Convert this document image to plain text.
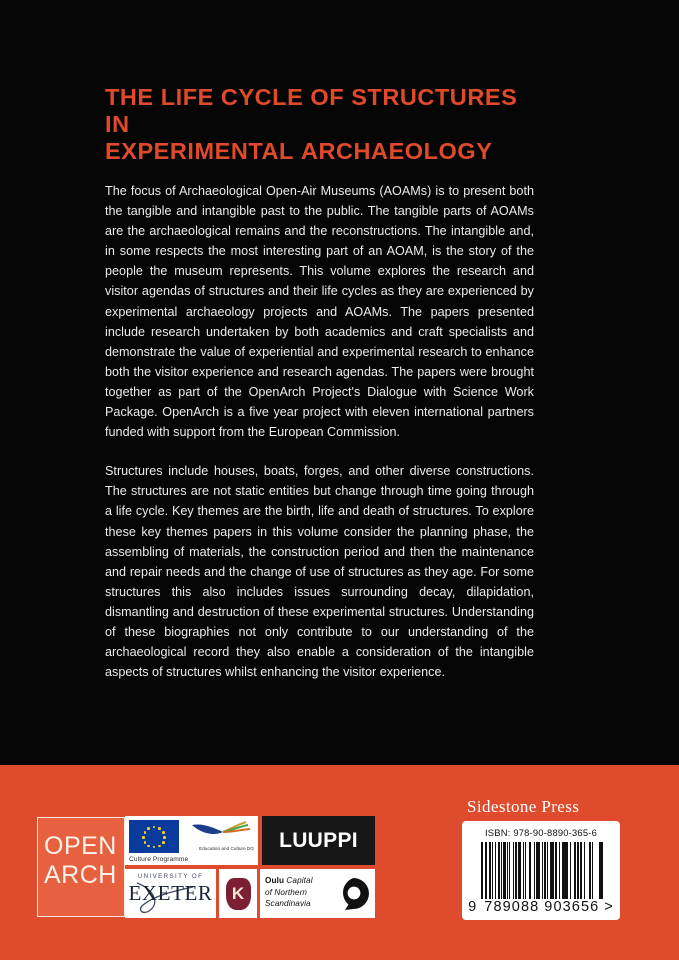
THE LIFE CYCLE OF STRUCTURES IN
EXPERIMENTAL ARCHAEOLOGY

The focus of Archaeological Open-Air Museums (AOAMs) is to present both the tangible and intangible past to the public. The tangible parts of AOAMs are the archaeological remains and the reconstructions. The intangible and, in some respects the most interesting part of an AOAM, is the story of the people the museum represents. This volume explores the research and visitor agendas of structures and their life cycles as they are experienced by experimental archaeology projects and AOAMs. The papers presented include research undertaken by both academics and craft specialists and demonstrate the value of experiential and experimental research to enhance both the visitor experience and research agendas. The papers were brought together as part of the OpenArch Project's Dialogue with Science Work Package. OpenArch is a five year project with eleven international partners funded with support from the European Commission.

Structures include houses, boats, forges, and other diverse constructions. The structures are not static entities but change through time going through a life cycle. Key themes are the birth, life and death of structures. To explore these key themes papers in this volume consider the planning phase, the assembling of materials, the construction period and then the maintenance and repair needs and the change of use of structures as they age. For some structures this also includes issues surrounding decay, dilapidation, dismantling and destruction of these experimental structures. Understanding of these biographies not only contribute to our understanding of the archaeological record they also enable a consideration of the intangible aspects of structures whilst enhancing the visitor experience.

OPEN
ARCH
Education and Culture DG
Culture Programme
LUUPPI
UNIVERSITY OF
EXETER K
Oulu Capital
of Northern
Scandinavia
Sidestone Press
ISBN: 978-90-8890-365-6
9 789088 903656 >
